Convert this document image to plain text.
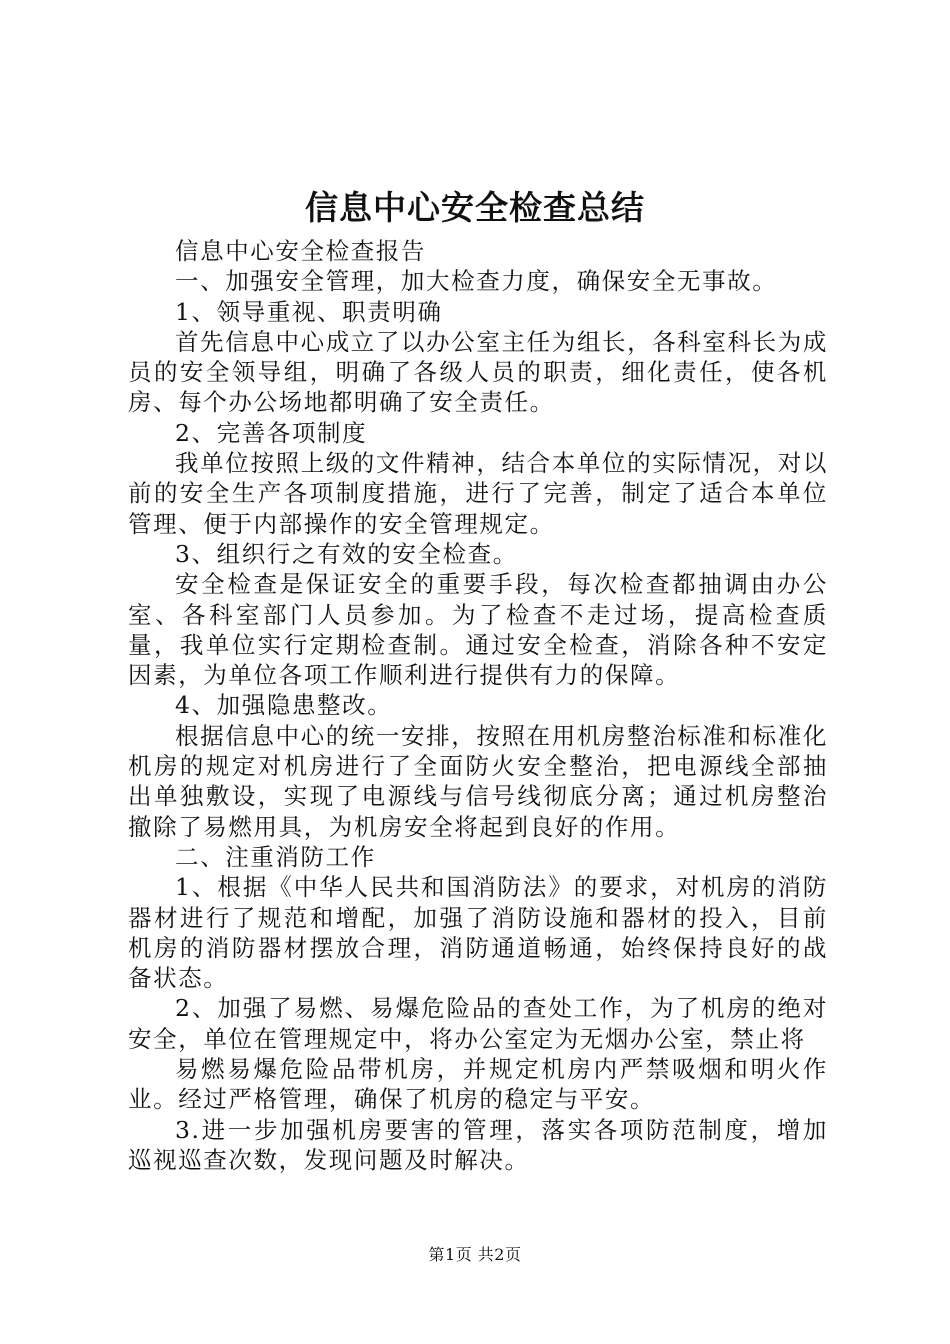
信息中心安全检查总结

信息中心安全检查报告

一、加强安全管理，加大检查力度，确保安全无事故。

1、领导重视、职责明确

首先信息中心成立了以办公室主任为组长，各科室科长为成员的安全领导组，明确了各级人员的职责，细化责任，使各机房、每个办公场地都明确了安全责任。

2、完善各项制度

我单位按照上级的文件精神，结合本单位的实际情况，对以前的安全生产各项制度措施，进行了完善，制定了适合本单位管理、便于内部操作的安全管理规定。

3、组织行之有效的安全检查。

安全检查是保证安全的重要手段，每次检查都抽调由办公室、各科室部门人员参加。为了检查不走过场，提高检查质量，我单位实行定期检查制。通过安全检查，消除各种不安定因素，为单位各项工作顺利进行提供有力的保障。

4、加强隐患整改。

根据信息中心的统一安排，按照在用机房整治标准和标准化机房的规定对机房进行了全面防火安全整治，把电源线全部抽出单独敷设，实现了电源线与信号线彻底分离；通过机房整治撤除了易燃用具，为机房安全将起到良好的作用。

二、注重消防工作

1、根据《中华人民共和国消防法》的要求，对机房的消防器材进行了规范和增配，加强了消防设施和器材的投入，目前机房的消防器材摆放合理，消防通道畅通，始终保持良好的战备状态。

2、加强了易燃、易爆危险品的查处工作，为了机房的绝对安全，单位在管理规定中，将办公室定为无烟办公室，禁止将

易燃易爆危险品带机房，并规定机房内严禁吸烟和明火作业。经过严格管理，确保了机房的稳定与平安。

3.进一步加强机房要害的管理，落实各项防范制度，增加巡视巡查次数，发现问题及时解决。

第1页 共2页
